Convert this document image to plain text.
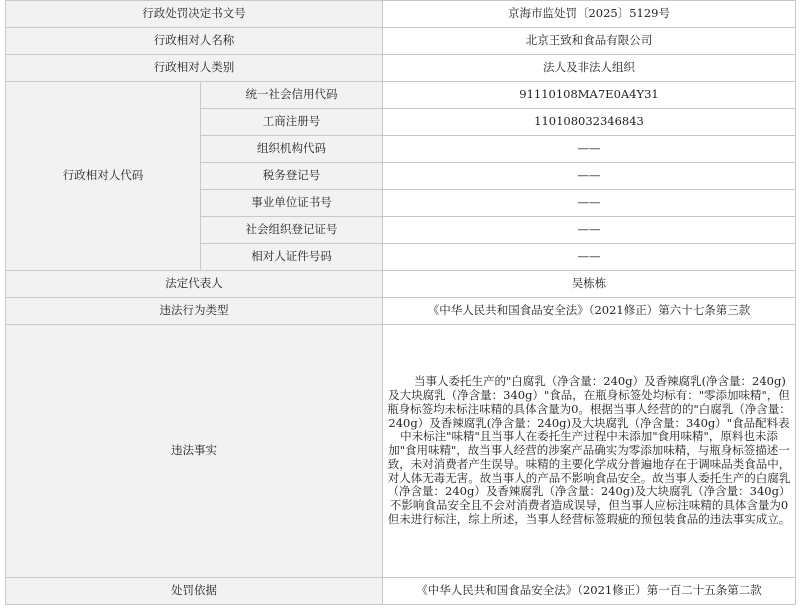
行政处罚决定书文号		京海市监处罚〔2025〕5129号
行政相对人名称		北京王致和食品有限公司
行政相对人类别		法人及非法人组织
行政相对人代码	统一社会信用代码	91110108MA7E0A4Y31
	工商注册号	110108032346843
	组织机构代码	——
	税务登记号	——
	事业单位证书号	——
	社会组织登记证号	——
	相对人证件号码	——
法定代表人		吴栋栋
违法行为类型		《中华人民共和国食品安全法》（2021修正）第六十七条第三款
违法事实		当事人委托生产的"白腐乳（净含量：240g）及香辣腐乳(净含量：240g)及大块腐乳（净含量：340g）"食品，在瓶身标签处均标有："零添加味精"，但瓶身标签均未标注味精的具体含量为0。根据当事人经营的的"白腐乳（净含量：240g）及香辣腐乳(净含量：240g)及大块腐乳（净含量：340g）"食品配料表中未标注"味精"且当事人在委托生产过程中未添加"食用味精"，原料也未添加"食用味精"，故当事人经营的涉案产品确实为零添加味精，与瓶身标签描述一致，未对消费者产生误导。味精的主要化学成分普遍地存在于调味品类食品中，对人体无毒无害。故当事人的产品不影响食品安全。故当事人委托生产的白腐乳（净含量：240g）及香辣腐乳（净含量：240g)及大块腐乳（净含量：340g）不影响食品安全且不会对消费者造成误导，但当事人应标注味精的具体含量为0但未进行标注，综上所述，当事人经营标签瑕疵的预包装食品的违法事实成立。
处罚依据		《中华人民共和国食品安全法》（2021修正）第一百二十五条第二款
